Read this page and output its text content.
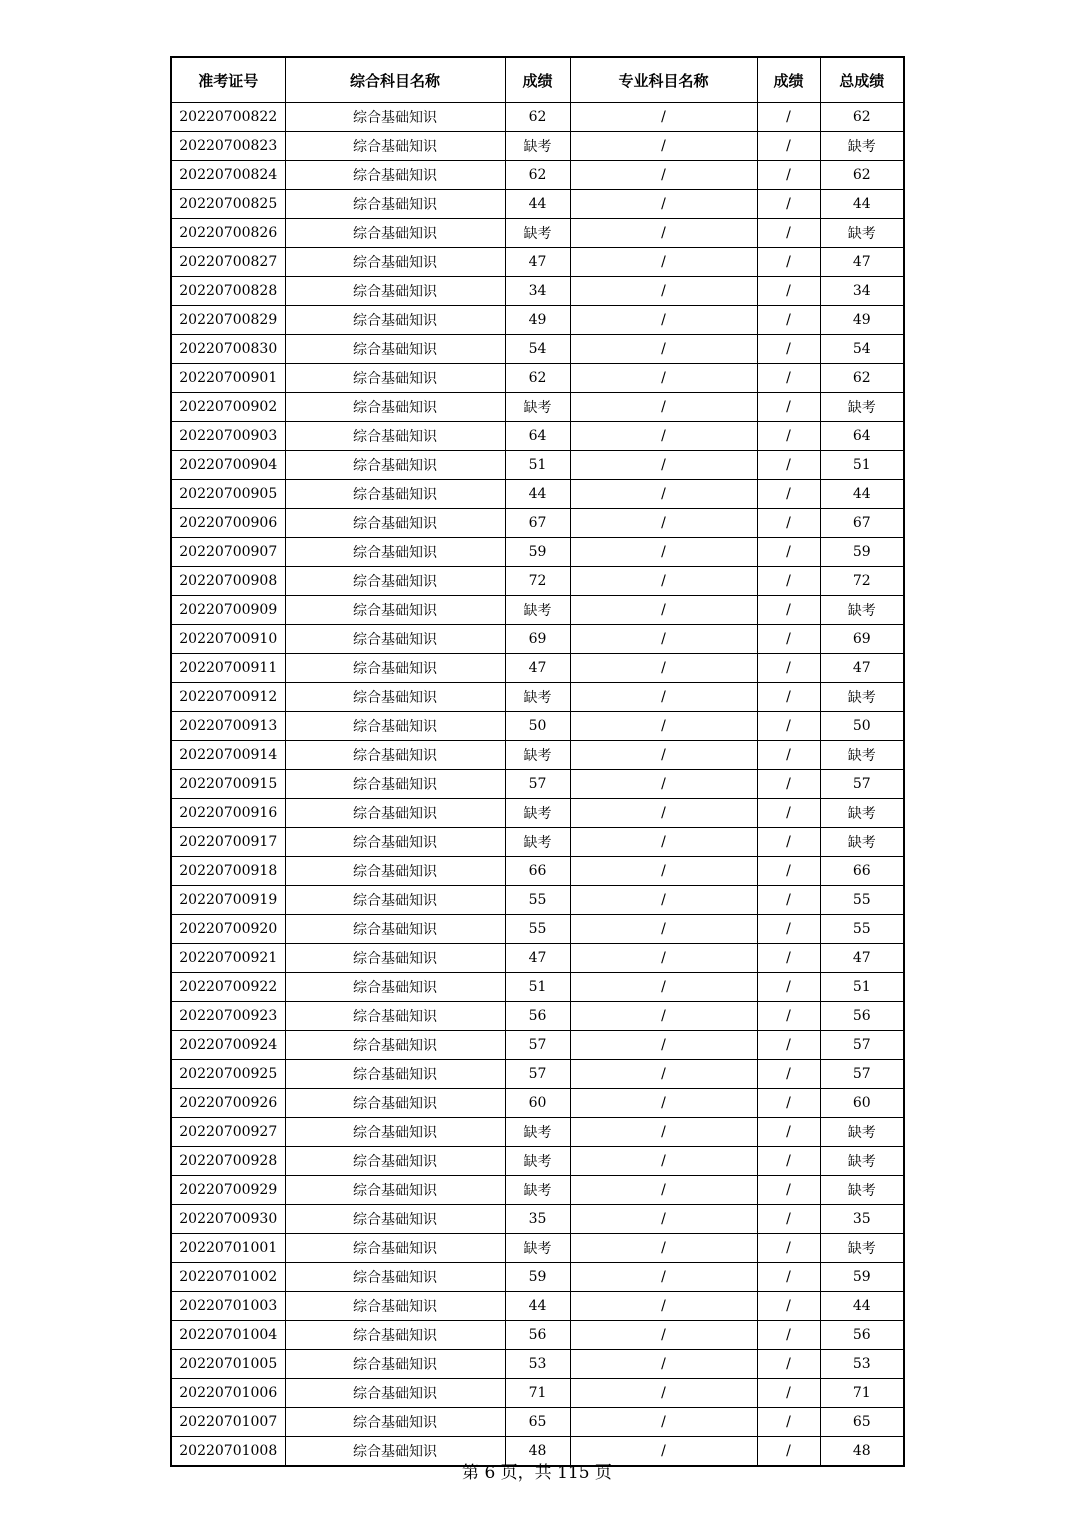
准考证号	综合科目名称	成绩	专业科目名称	成绩	总成绩
20220700822	综合基础知识	62	/	/	62
20220700823	综合基础知识	缺考	/	/	缺考
20220700824	综合基础知识	62	/	/	62
20220700825	综合基础知识	44	/	/	44
20220700826	综合基础知识	缺考	/	/	缺考
20220700827	综合基础知识	47	/	/	47
20220700828	综合基础知识	34	/	/	34
20220700829	综合基础知识	49	/	/	49
20220700830	综合基础知识	54	/	/	54
20220700901	综合基础知识	62	/	/	62
20220700902	综合基础知识	缺考	/	/	缺考
20220700903	综合基础知识	64	/	/	64
20220700904	综合基础知识	51	/	/	51
20220700905	综合基础知识	44	/	/	44
20220700906	综合基础知识	67	/	/	67
20220700907	综合基础知识	59	/	/	59
20220700908	综合基础知识	72	/	/	72
20220700909	综合基础知识	缺考	/	/	缺考
20220700910	综合基础知识	69	/	/	69
20220700911	综合基础知识	47	/	/	47
20220700912	综合基础知识	缺考	/	/	缺考
20220700913	综合基础知识	50	/	/	50
20220700914	综合基础知识	缺考	/	/	缺考
20220700915	综合基础知识	57	/	/	57
20220700916	综合基础知识	缺考	/	/	缺考
20220700917	综合基础知识	缺考	/	/	缺考
20220700918	综合基础知识	66	/	/	66
20220700919	综合基础知识	55	/	/	55
20220700920	综合基础知识	55	/	/	55
20220700921	综合基础知识	47	/	/	47
20220700922	综合基础知识	51	/	/	51
20220700923	综合基础知识	56	/	/	56
20220700924	综合基础知识	57	/	/	57
20220700925	综合基础知识	57	/	/	57
20220700926	综合基础知识	60	/	/	60
20220700927	综合基础知识	缺考	/	/	缺考
20220700928	综合基础知识	缺考	/	/	缺考
20220700929	综合基础知识	缺考	/	/	缺考
20220700930	综合基础知识	35	/	/	35
20220701001	综合基础知识	缺考	/	/	缺考
20220701002	综合基础知识	59	/	/	59
20220701003	综合基础知识	44	/	/	44
20220701004	综合基础知识	56	/	/	56
20220701005	综合基础知识	53	/	/	53
20220701006	综合基础知识	71	/	/	71
20220701007	综合基础知识	65	/	/	65
20220701008	综合基础知识	48	/	/	48
第 6 页，共 115 页
